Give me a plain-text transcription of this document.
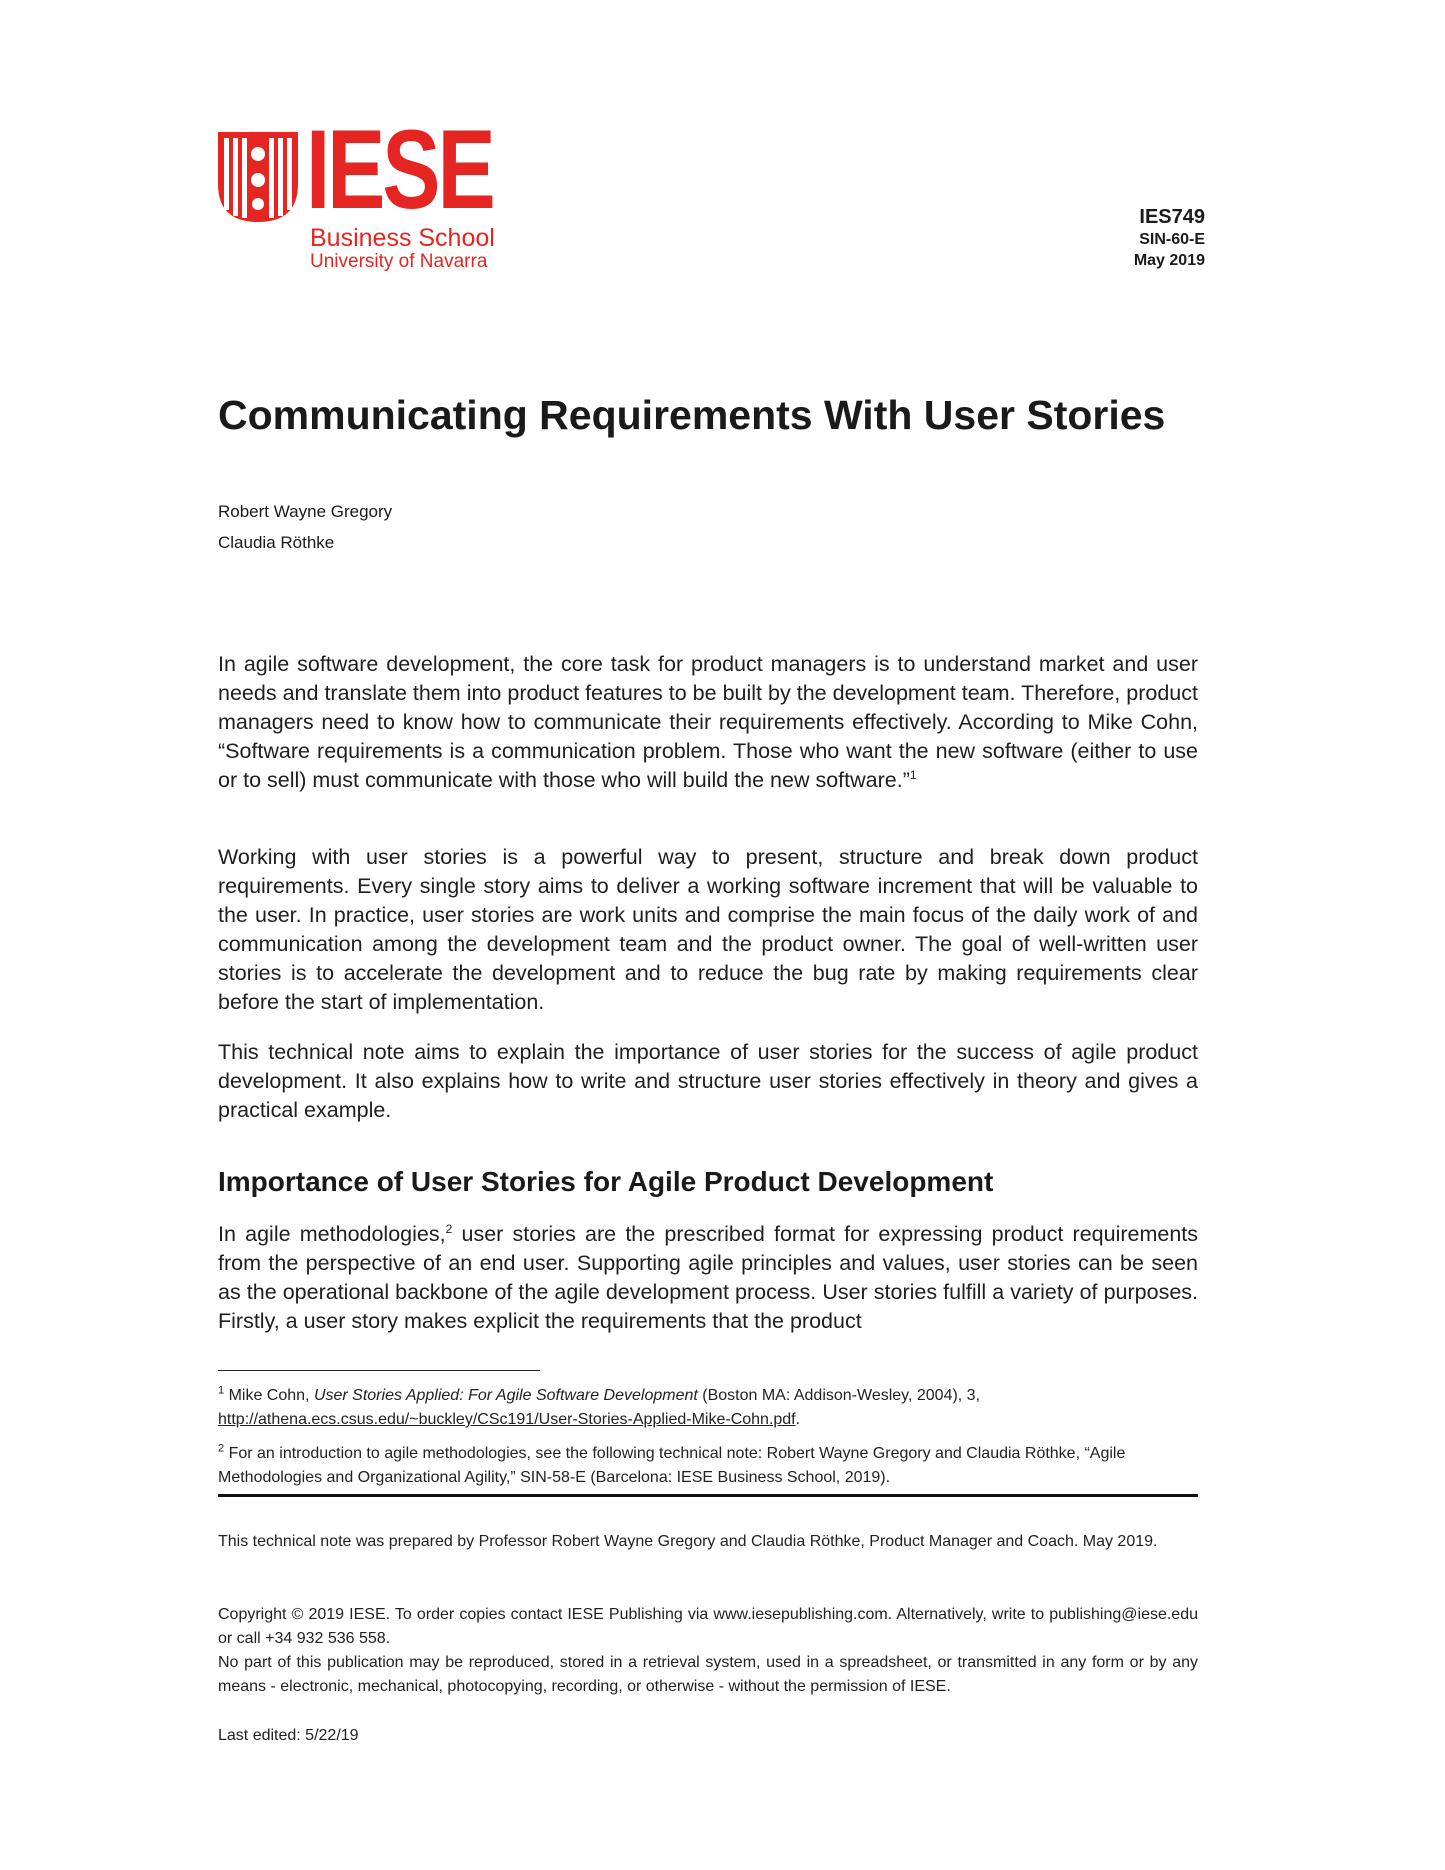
IESE
Business School
University of Navarra
IES749
SIN-60-E
May 2019
Communicating Requirements With User Stories
Robert Wayne Gregory
Claudia Röthke

In agile software development, the core task for product managers is to understand market and user needs and translate them into product features to be built by the development team. Therefore, product managers need to know how to communicate their requirements effectively. According to Mike Cohn, “Software requirements is a communication problem. Those who want the new software (either to use or to sell) must communicate with those who will build the new software.”$^1$

Working with user stories is a powerful way to present, structure and break down product requirements. Every single story aims to deliver a working software increment that will be valuable to the user. In practice, user stories are work units and comprise the main focus of the daily work of and communication among the development team and the product owner. The goal of well-written user stories is to accelerate the development and to reduce the bug rate by making requirements clear before the start of implementation.

This technical note aims to explain the importance of user stories for the success of agile product development. It also explains how to write and structure user stories effectively in theory and gives a practical example.

Importance of User Stories for Agile Product Development

In agile methodologies,$^2$ user stories are the prescribed format for expressing product requirements from the perspective of an end user. Supporting agile principles and values, user stories can be seen as the operational backbone of the agile development process. User stories fulfill a variety of purposes. Firstly, a user story makes explicit the requirements that the product

$^1$ Mike Cohn, User Stories Applied: For Agile Software Development (Boston MA: Addison-Wesley, 2004), 3,
http://athena.ecs.csus.edu/~buckley/CSc191/User-Stories-Applied-Mike-Cohn.pdf.

$^2$ For an introduction to agile methodologies, see the following technical note: Robert Wayne Gregory and Claudia Röthke, “Agile Methodologies and Organizational Agility,” SIN-58-E (Barcelona: IESE Business School, 2019).

This technical note was prepared by Professor Robert Wayne Gregory and Claudia Röthke, Product Manager and Coach. May 2019.

Copyright © 2019 IESE. To order copies contact IESE Publishing via www.iesepublishing.com. Alternatively, write to publishing@iese.edu or call +34 932 536 558.

No part of this publication may be reproduced, stored in a retrieval system, used in a spreadsheet, or transmitted in any form or by any means - electronic, mechanical, photocopying, recording, or otherwise - without the permission of IESE.

Last edited: 5/22/19
